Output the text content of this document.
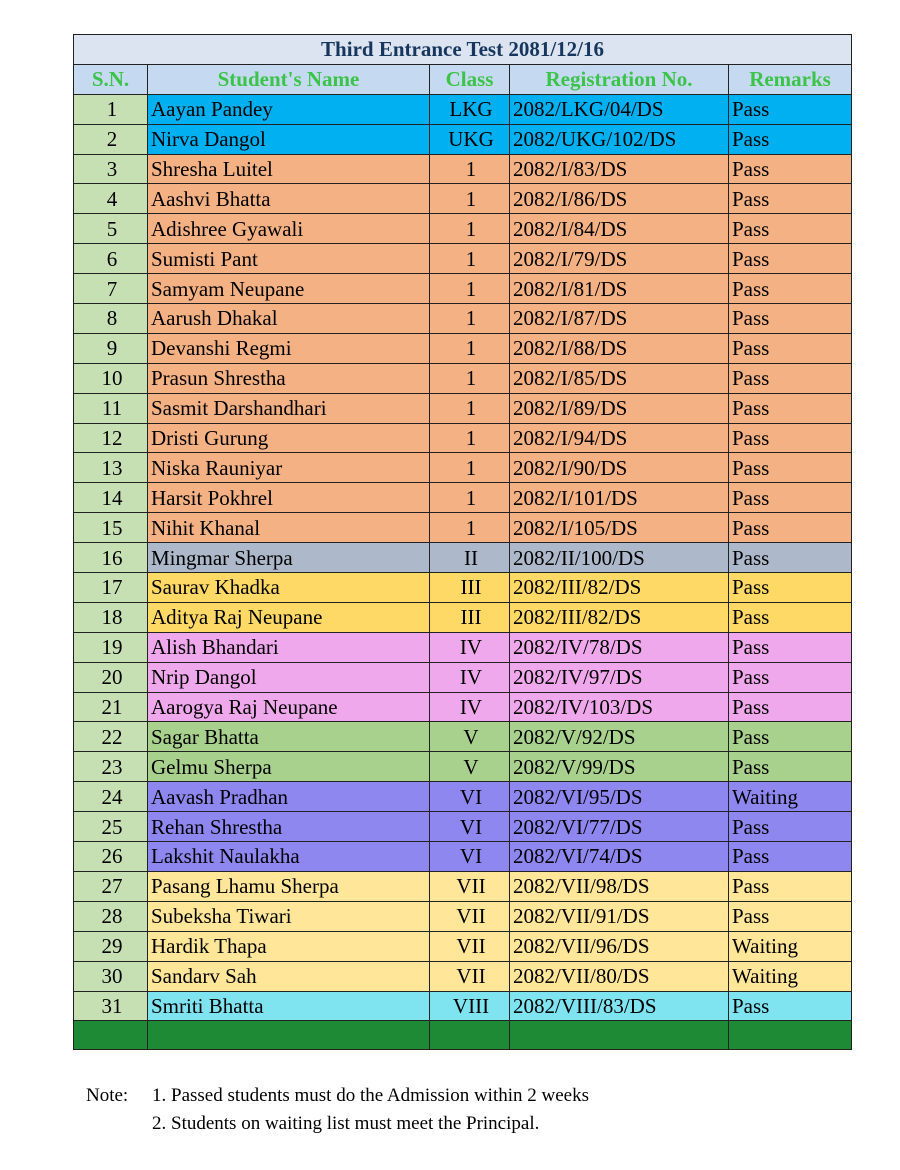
Third Entrance Test 2081/12/16				
S.N.	Student's Name	Class	Registration No.	Remarks
1	Aayan Pandey	LKG	2082/LKG/04/DS	Pass
2	Nirva Dangol	UKG	2082/UKG/102/DS	Pass
3	Shresha Luitel	1	2082/I/83/DS	Pass
4	Aashvi Bhatta	1	2082/I/86/DS	Pass
5	Adishree Gyawali	1	2082/I/84/DS	Pass
6	Sumisti Pant	1	2082/I/79/DS	Pass
7	Samyam Neupane	1	2082/I/81/DS	Pass
8	Aarush Dhakal	1	2082/I/87/DS	Pass
9	Devanshi Regmi	1	2082/I/88/DS	Pass
10	Prasun Shrestha	1	2082/I/85/DS	Pass
11	Sasmit Darshandhari	1	2082/I/89/DS	Pass
12	Dristi Gurung	1	2082/I/94/DS	Pass
13	Niska Rauniyar	1	2082/I/90/DS	Pass
14	Harsit Pokhrel	1	2082/I/101/DS	Pass
15	Nihit Khanal	1	2082/I/105/DS	Pass
16	Mingmar Sherpa	II	2082/II/100/DS	Pass
17	Saurav Khadka	III	2082/III/82/DS	Pass
18	Aditya Raj Neupane	III	2082/III/82/DS	Pass
19	Alish Bhandari	IV	2082/IV/78/DS	Pass
20	Nrip Dangol	IV	2082/IV/97/DS	Pass
21	Aarogya Raj Neupane	IV	2082/IV/103/DS	Pass
22	Sagar Bhatta	V	2082/V/92/DS	Pass
23	Gelmu Sherpa	V	2082/V/99/DS	Pass
24	Aavash Pradhan	VI	2082/VI/95/DS	Waiting
25	Rehan Shrestha	VI	2082/VI/77/DS	Pass
26	Lakshit Naulakha	VI	2082/VI/74/DS	Pass
27	Pasang Lhamu Sherpa	VII	2082/VII/98/DS	Pass
28	Subeksha Tiwari	VII	2082/VII/91/DS	Pass
29	Hardik Thapa	VII	2082/VII/96/DS	Waiting
30	Sandarv Sah	VII	2082/VII/80/DS	Waiting
31	Smriti Bhatta	VIII	2082/VIII/83/DS	Pass

Note: 1. Passed students must do the Admission within 2 weeks
2. Students on waiting list must meet the Principal.
